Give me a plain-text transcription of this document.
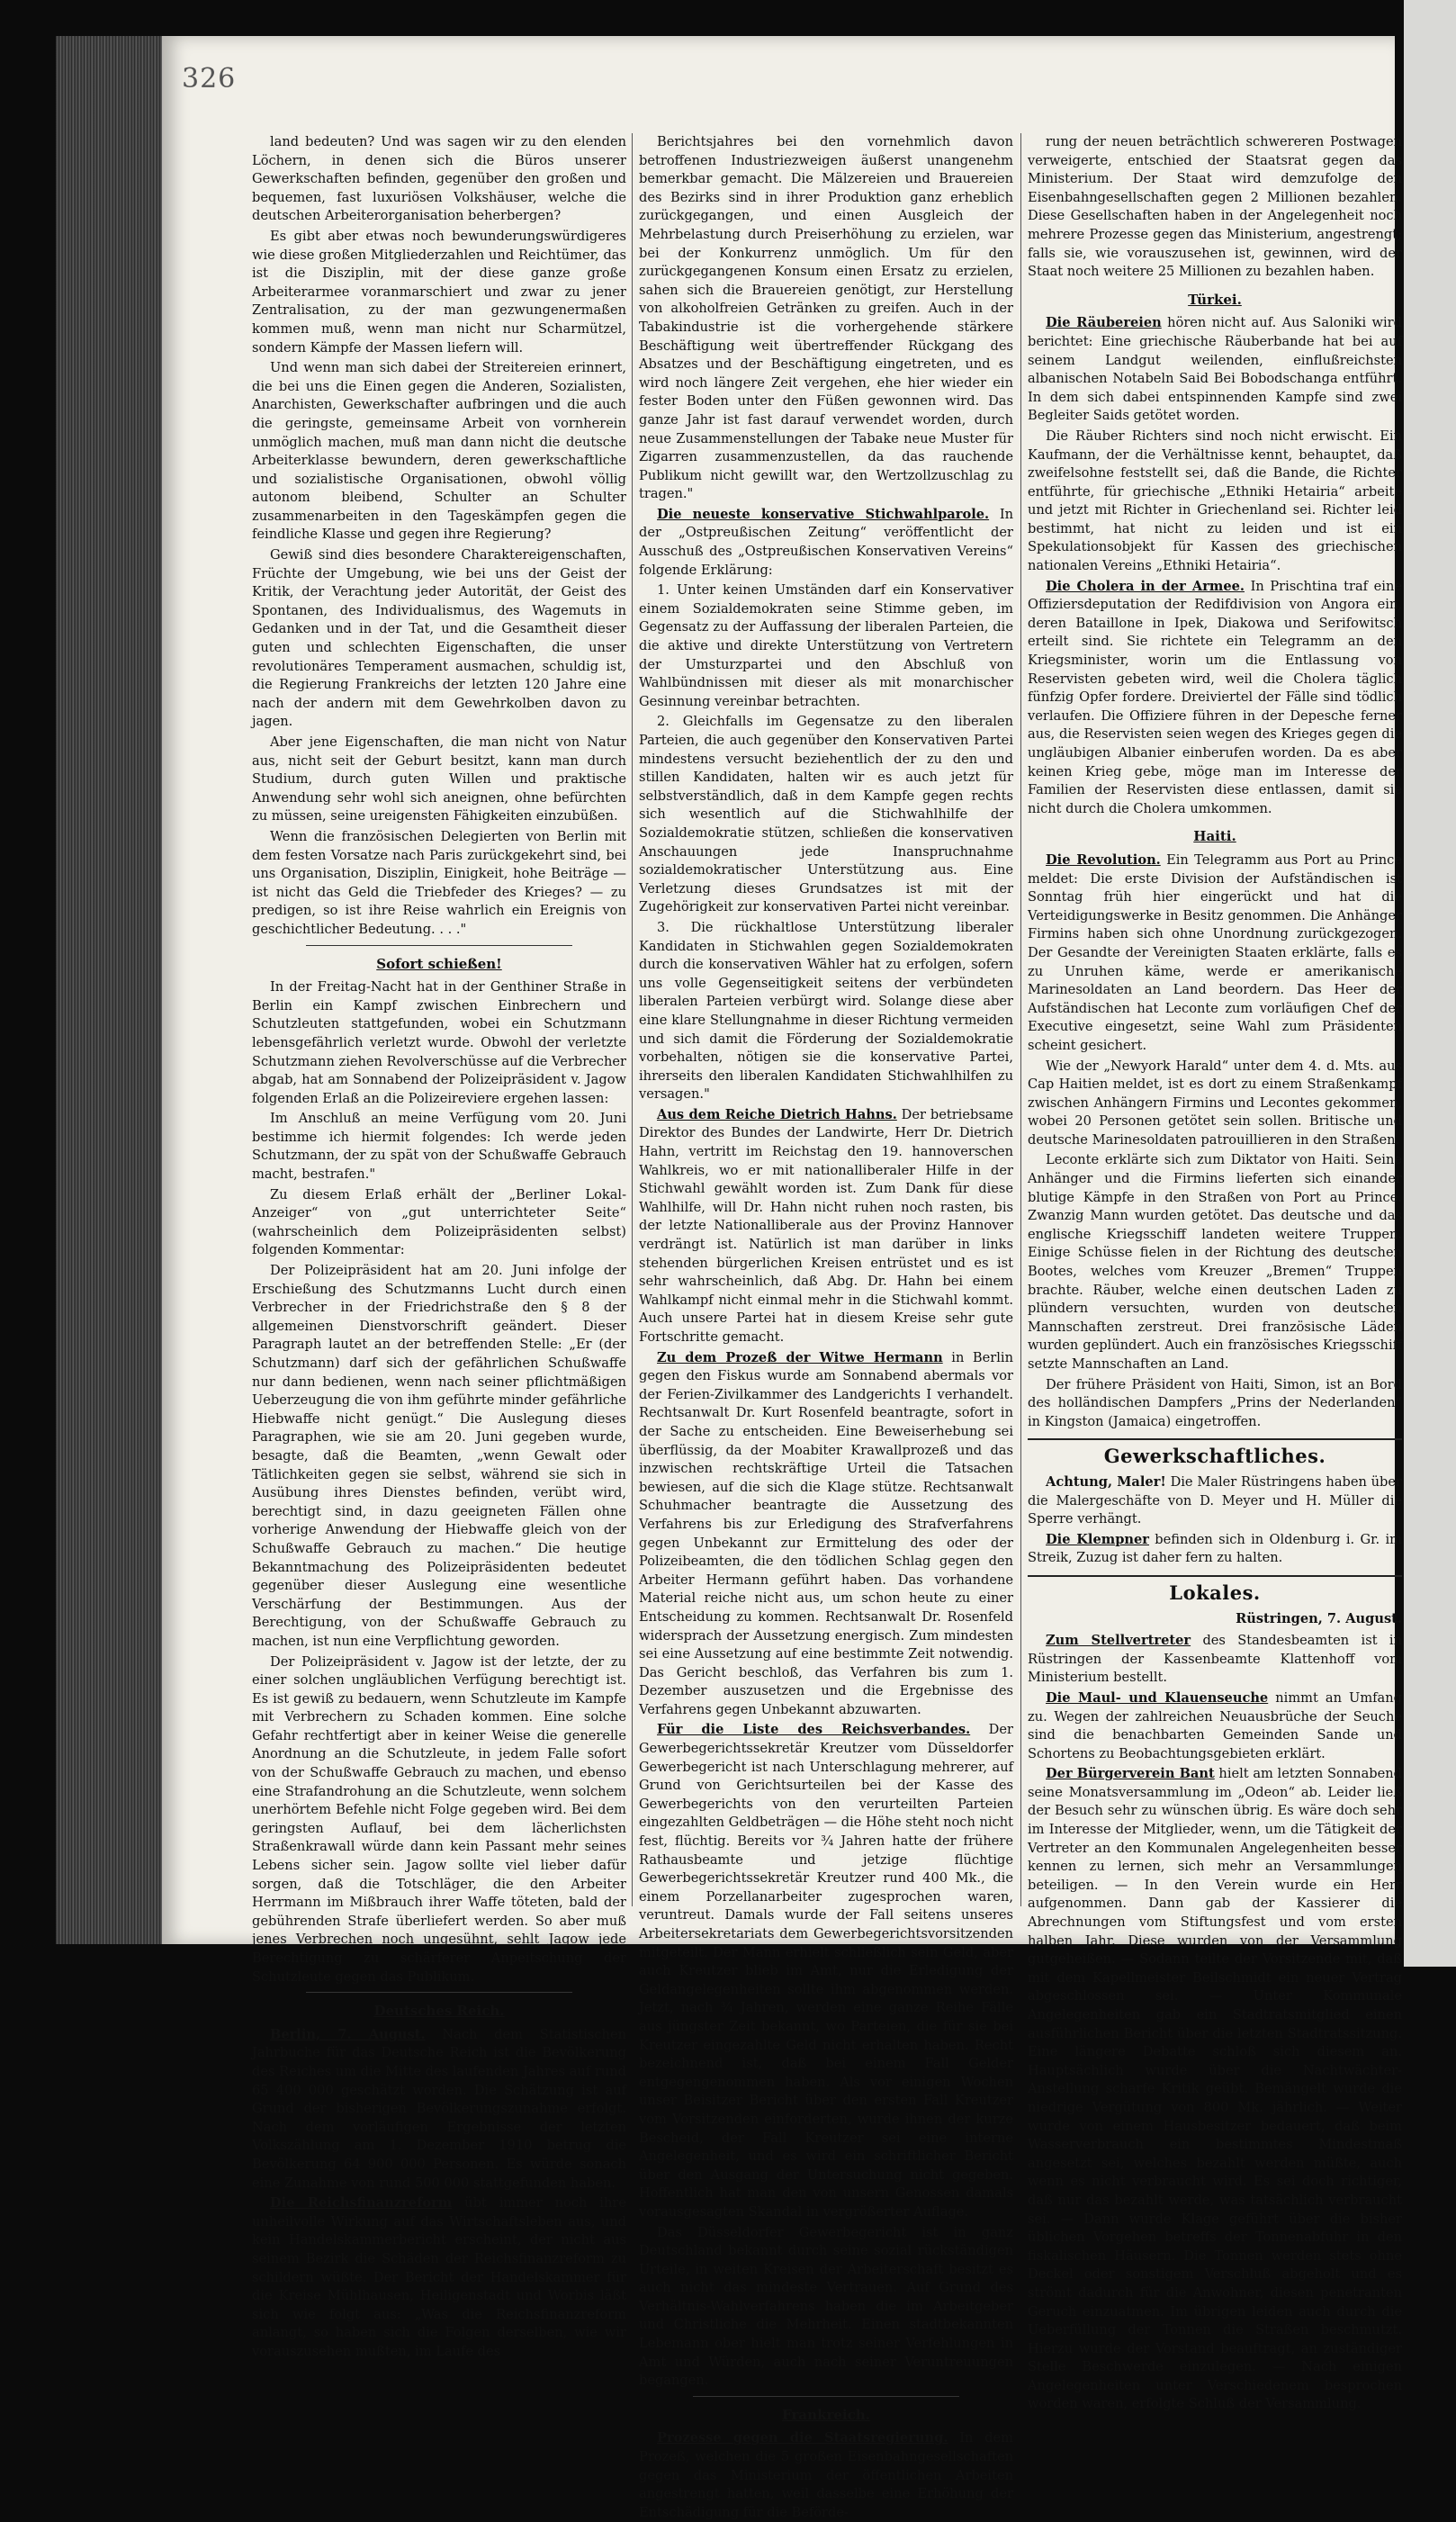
326

land bedeuten? Und was sagen wir zu den elenden Löchern, in denen sich die Büros unserer Gewerkschaften befinden, gegenüber den großen und bequemen, fast luxuriösen Volkshäuser, welche die deutschen Arbeiterorganisation beherbergen?

Es gibt aber etwas noch bewunderungswürdigeres wie diese großen Mitgliederzahlen und Reichtümer, das ist die Disziplin, mit der diese ganze große Arbeiterarmee voranmarschiert und zwar zu jener Zentralisation, zu der man gezwungenermaßen kommen muß, wenn man nicht nur Scharmützel, sondern Kämpfe der Massen liefern will.

Und wenn man sich dabei der Streitereien erinnert, die bei uns die Einen gegen die Anderen, Sozialisten, Anarchisten, Gewerkschafter aufbringen und die auch die geringste, gemeinsame Arbeit von vornherein unmöglich machen, muß man dann nicht die deutsche Arbeiterklasse bewundern, deren gewerkschaftliche und sozialistische Organisationen, obwohl völlig autonom bleibend, Schulter an Schulter zusammenarbeiten in den Tageskämpfen gegen die feindliche Klasse und gegen ihre Regierung?

Gewiß sind dies besondere Charaktereigenschaften, Früchte der Umgebung, wie bei uns der Geist der Kritik, der Verachtung jeder Autorität, der Geist des Spontanen, des Individualismus, des Wagemuts in Gedanken und in der Tat, und die Gesamtheit dieser guten und schlechten Eigenschaften, die unser revolutionäres Temperament ausmachen, schuldig ist, die Regierung Frankreichs der letzten 120 Jahre eine nach der andern mit dem Gewehrkolben davon zu jagen.

Aber jene Eigenschaften, die man nicht von Natur aus, nicht seit der Geburt besitzt, kann man durch Studium, durch guten Willen und praktische Anwendung sehr wohl sich aneignen, ohne befürchten zu müssen, seine ureigensten Fähigkeiten einzubüßen.

Wenn die französischen Delegierten von Berlin mit dem festen Vorsatze nach Paris zurückgekehrt sind, bei uns Organisation, Disziplin, Einigkeit, hohe Beiträge — ist nicht das Geld die Triebfeder des Krieges? — zu predigen, so ist ihre Reise wahrlich ein Ereignis von geschichtlicher Bedeutung. . . ."

Sofort schießen!

In der Freitag-Nacht hat in der Genthiner Straße in Berlin ein Kampf zwischen Einbrechern und Schutzleuten stattgefunden, wobei ein Schutzmann lebensgefährlich verletzt wurde. Obwohl der verletzte Schutzmann ziehen Revolverschüsse auf die Verbrecher abgab, hat am Sonnabend der Polizeipräsident v. Jagow folgenden Erlaß an die Polizeireviere ergehen lassen:

Im Anschluß an meine Verfügung vom 20. Juni bestimme ich hiermit folgendes: Ich werde jeden Schutzmann, der zu spät von der Schußwaffe Gebrauch macht, bestrafen."

Zu diesem Erlaß erhält der „Berliner Lokal-Anzeiger“ von „gut unterrichteter Seite“ (wahrscheinlich dem Polizeipräsidenten selbst) folgenden Kommentar:

Der Polizeipräsident hat am 20. Juni infolge der Erschießung des Schutzmanns Lucht durch einen Verbrecher in der Friedrichstraße den § 8 der allgemeinen Dienstvorschrift geändert. Dieser Paragraph lautet an der betreffenden Stelle: „Er (der Schutzmann) darf sich der gefährlichen Schußwaffe nur dann bedienen, wenn nach seiner pflichtmäßigen Ueberzeugung die von ihm geführte minder gefährliche Hiebwaffe nicht genügt.“ Die Auslegung dieses Paragraphen, wie sie am 20. Juni gegeben wurde, besagte, daß die Beamten, „wenn Gewalt oder Tätlichkeiten gegen sie selbst, während sie sich in Ausübung ihres Dienstes befinden, verübt wird, berechtigt sind, in dazu geeigneten Fällen ohne vorherige Anwendung der Hiebwaffe gleich von der Schußwaffe Gebrauch zu machen.“ Die heutige Bekanntmachung des Polizeipräsidenten bedeutet gegenüber dieser Auslegung eine wesentliche Verschärfung der Bestimmungen. Aus der Berechtigung, von der Schußwaffe Gebrauch zu machen, ist nun eine Verpflichtung geworden.

Der Polizeipräsident v. Jagow ist der letzte, der zu einer solchen ungläublichen Verfügung berechtigt ist. Es ist gewiß zu bedauern, wenn Schutzleute im Kampfe mit Verbrechern zu Schaden kommen. Eine solche Gefahr rechtfertigt aber in keiner Weise die generelle Anordnung an die Schutzleute, in jedem Falle sofort von der Schußwaffe Gebrauch zu machen, und ebenso eine Strafandrohung an die Schutzleute, wenn solchem unerhörtem Befehle nicht Folge gegeben wird. Bei dem geringsten Auflauf, bei dem lächerlichsten Straßenkrawall würde dann kein Passant mehr seines Lebens sicher sein. Jagow sollte viel lieber dafür sorgen, daß die Totschläger, die den Arbeiter Herrmann im Mißbrauch ihrer Waffe töteten, bald der gebührenden Strafe überliefert werden. So aber muß jenes Verbrechen noch ungesühnt, sehlt Jagow jede Berechtigung zu schärferer Anpeitschung der Schutzleute gegen das Publikum.

Deutsches Reich.

Berlin, 7. August. Nach dem Statistischen Jahrbuche für das Deutsche Reich ist die Bevölkerung des Reiches um die Mitte des laufenden Jahres auf rund 65 400 000 geschätzt worden. Die Schätzung ist auf Grund der bisherigen Bevölkerungszunahme erfolgt. Nach dem vorläufigen Ergebnisse der letzten Volkszählung am 1. Dezember 1910 betrug die Bevölkerung 64 900 000 Personen. Es würde sonach eine Zunahme von rund 500 000 stattgefunden haben.

Die Reichsfinanzreform übt immer noch ihre unheilvolle Wirkung auf das Wirtschaftsleben aus, und kein Handelskammerbericht erscheint, der nicht aus seinem Bezirk die Schäden der Reichsfinanzreform zu schildern wüßte. Der Bericht der Handelskammer für die Kreise Mühlhausen, Heiligenstadt und Worbis läßt sich wie folgt aus: „Was die Reichsfinanzreform anlangt, so haben sich die Folgen derselben, wie wir vorauszusehen mußten, im Laufe des

Berichtsjahres bei den vornehmlich davon betroffenen Industriezweigen äußerst unangenehm bemerkbar gemacht. Die Mälzereien und Brauereien des Bezirks sind in ihrer Produktion ganz erheblich zurückgegangen, und einen Ausgleich der Mehrbelastung durch Preiserhöhung zu erzielen, war bei der Konkurrenz unmöglich. Um für den zurückgegangenen Konsum einen Ersatz zu erzielen, sahen sich die Brauereien genötigt, zur Herstellung von alkoholfreien Getränken zu greifen. Auch in der Tabakindustrie ist die vorhergehende stärkere Beschäftigung weit übertreffender Rückgang des Absatzes und der Beschäftigung eingetreten, und es wird noch längere Zeit vergehen, ehe hier wieder ein fester Boden unter den Füßen gewonnen wird. Das ganze Jahr ist fast darauf verwendet worden, durch neue Zusammenstellungen der Tabake neue Muster für Zigarren zusammenzustellen, da das rauchende Publikum nicht gewillt war, den Wertzollzuschlag zu tragen."

Die neueste konservative Stichwahlparole. In der „Ostpreußischen Zeitung“ veröffentlicht der Ausschuß des „Ostpreußischen Konservativen Vereins“ folgende Erklärung:

1. Unter keinen Umständen darf ein Konservativer einem Sozialdemokraten seine Stimme geben, im Gegensatz zu der Auffassung der liberalen Parteien, die die aktive und direkte Unterstützung von Vertretern der Umsturzpartei und den Abschluß von Wahlbündnissen mit dieser als mit monarchischer Gesinnung vereinbar betrachten.

2. Gleichfalls im Gegensatze zu den liberalen Parteien, die auch gegenüber den Konservativen Partei mindestens versucht beziehentlich der zu den und stillen Kandidaten, halten wir es auch jetzt für selbstverständlich, daß in dem Kampfe gegen rechts sich wesentlich auf die Stichwahlhilfe der Sozialdemokratie stützen, schließen die konservativen Anschauungen jede Inanspruchnahme sozialdemokratischer Unterstützung aus. Eine Verletzung dieses Grundsatzes ist mit der Zugehörigkeit zur konservativen Partei nicht vereinbar.

3. Die rückhaltlose Unterstützung liberaler Kandidaten in Stichwahlen gegen Sozialdemokraten durch die konservativen Wähler hat zu erfolgen, sofern uns volle Gegenseitigkeit seitens der verbündeten liberalen Parteien verbürgt wird. Solange diese aber eine klare Stellungnahme in dieser Richtung vermeiden und sich damit die Förderung der Sozialdemokratie vorbehalten, nötigen sie die konservative Partei, ihrerseits den liberalen Kandidaten Stichwahlhilfen zu versagen."

Aus dem Reiche Dietrich Hahns. Der betriebsame Direktor des Bundes der Landwirte, Herr Dr. Dietrich Hahn, vertritt im Reichstag den 19. hannoverschen Wahlkreis, wo er mit nationalliberaler Hilfe in der Stichwahl gewählt worden ist. Zum Dank für diese Wahlhilfe, will Dr. Hahn nicht ruhen noch rasten, bis der letzte Nationalliberale aus der Provinz Hannover verdrängt ist. Natürlich ist man darüber in links stehenden bürgerlichen Kreisen entrüstet und es ist sehr wahrscheinlich, daß Abg. Dr. Hahn bei einem Wahlkampf nicht einmal mehr in die Stichwahl kommt. Auch unsere Partei hat in diesem Kreise sehr gute Fortschritte gemacht.

Zu dem Prozeß der Witwe Hermann in Berlin gegen den Fiskus wurde am Sonnabend abermals vor der Ferien-Zivilkammer des Landgerichts I verhandelt. Rechtsanwalt Dr. Kurt Rosenfeld beantragte, sofort in der Sache zu entscheiden. Eine Beweiserhebung sei überflüssig, da der Moabiter Krawallprozeß und das inzwischen rechtskräftige Urteil die Tatsachen bewiesen, auf die sich die Klage stütze. Rechtsanwalt Schuhmacher beantragte die Aussetzung des Verfahrens bis zur Erledigung des Strafverfahrens gegen Unbekannt zur Ermittelung des oder der Polizeibeamten, die den tödlichen Schlag gegen den Arbeiter Hermann geführt haben. Das vorhandene Material reiche nicht aus, um schon heute zu einer Entscheidung zu kommen. Rechtsanwalt Dr. Rosenfeld widersprach der Aussetzung energisch. Zum mindesten sei eine Aussetzung auf eine bestimmte Zeit notwendig. Das Gericht beschloß, das Verfahren bis zum 1. Dezember auszusetzen und die Ergebnisse des Verfahrens gegen Unbekannt abzuwarten.

Für die Liste des Reichsverbandes. Der Gewerbegerichtssekretär Kreutzer vom Düsseldorfer Gewerbegericht ist nach Unterschlagung mehrerer, auf Grund von Gerichtsurteilen bei der Kasse des Gewerbegerichts von den verurteilten Parteien eingezahlten Geldbeträgen — die Höhe steht noch nicht fest, flüchtig. Bereits vor ¾ Jahren hatte der frühere Rathausbeamte und jetzige flüchtige Gewerbegerichtssekretär Kreutzer rund 400 Mk., die einem Porzellanarbeiter zugesprochen waren, veruntreut. Damals wurde der Fall seitens unseres Arbeitersekretariats dem Gewerbegerichtsvorsitzenden mitgeteilt. Der Mann erhielt schließlich sein Geld, aber auch Kreutzer blieb im Amt, nur die Erledigung der Geldangelegenheiten sollte ihm abgenommen werden. Jetzt, nach ¾ Jahren, werden eine ganze Reihe Fälle aus jüngster Zeit bekannt, wo Parteien, die für sie bei Kreutzer eingezahlte Geld nicht erhalten haben. Recht bezeichnend ist, daß bei einem Fall Gelder entgegengenommen haben. Als vor einigen Wochen unser Beisitzer Bericht über den ersten Fall Kreutzer vom Vorsitzenden einforderten, wurde ihnen der kurze Bescheid, der Fall Kreutzer sei eine interne Angelegenheit, und es wird ein schriftlicher Bericht über den Ausgang der Untersuchung nicht gegeben. Hoffentlich hat man den von unsern Genossen damals vorausgesagten Skandal in vergrößerter Auflage.

Das Düsseldorfer Gewerbegericht ist in ganz Deutschland bekannt durch seine sozial rückständigen Urteile, in weiten Kreisen der Arbeiterschaft besitzt es auch nicht das mindeste Vertrauen. Auf Grund des Verhältnis-Wahlverfahrens haben die im Arbeitgeber und Christliche die Mehrheit. Einen stadtbekannten Lebemann ober hielt man trotz seiner Verfehlungen in Amt und Würden, auch nach seiner Veruntreuungen begangen.

Frankreich.

Prozesse gegen die Staatsregierung. In dem Prozeß, welchen die 5 großen Eisenbahngesellschaften gegen das Ministerium der öffentlichen Arbeiten angestrengt hatten, weil dasselbe eine Erhöhung der Entschädigung für die Beförde-

rung der neuen beträchtlich schwereren Postwagen verweigerte, entschied der Staatsrat gegen das Ministerium. Der Staat wird demzufolge den Eisenbahngesellschaften gegen 2 Millionen bezahlen. Diese Gesellschaften haben in der Angelegenheit noch mehrere Prozesse gegen das Ministerium, angestrengt; falls sie, wie vorauszusehen ist, gewinnen, wird der Staat noch weitere 25 Millionen zu bezahlen haben.

Türkei.

Die Räubereien hören nicht auf. Aus Saloniki wird berichtet: Eine griechische Räuberbande hat bei auf seinem Landgut weilenden, einflußreichsten albanischen Notabeln Said Bei Bobodschanga entführt. In dem sich dabei entspinnenden Kampfe sind zwei Begleiter Saids getötet worden.

Die Räuber Richters sind noch nicht erwischt. Ein Kaufmann, der die Verhältnisse kennt, behauptet, daß zweifelsohne feststellt sei, daß die Bande, die Richter entführte, für griechische „Ethniki Hetairia“ arbeite und jetzt mit Richter in Griechenland sei. Richter leid bestimmt, hat nicht zu leiden und ist ein Spekulationsobjekt für Kassen des griechischen nationalen Vereins „Ethniki Hetairia“.

Die Cholera in der Armee. In Prischtina traf eine Offiziersdeputation der Redifdivision von Angora ein, deren Bataillone in Ipek, Diakowa und Serifowitsch erteilt sind. Sie richtete ein Telegramm an den Kriegsminister, worin um die Entlassung von Reservisten gebeten wird, weil die Cholera täglich fünfzig Opfer fordere. Dreiviertel der Fälle sind tödlich verlaufen. Die Offiziere führen in der Depesche ferner aus, die Reservisten seien wegen des Krieges gegen die ungläubigen Albanier einberufen worden. Da es aber keinen Krieg gebe, möge man im Interesse der Familien der Reservisten diese entlassen, damit sie nicht durch die Cholera umkommen.

Haiti.

Die Revolution. Ein Telegramm aus Port au Prince meldet: Die erste Division der Aufständischen ist Sonntag früh hier eingerückt und hat die Verteidigungswerke in Besitz genommen. Die Anhänger Firmins haben sich ohne Unordnung zurückgezogen. Der Gesandte der Vereinigten Staaten erklärte, falls es zu Unruhen käme, werde er amerikanische Marinesoldaten an Land beordern. Das Heer der Aufständischen hat Leconte zum vorläufigen Chef der Executive eingesetzt, seine Wahl zum Präsidenten scheint gesichert.

Wie der „Newyork Harald“ unter dem 4. d. Mts. aus Cap Haitien meldet, ist es dort zu einem Straßenkampf zwischen Anhängern Firmins und Lecontes gekommen, wobei 20 Personen getötet sein sollen. Britische und deutsche Marinesoldaten patrouillieren in den Straßen.

Leconte erklärte sich zum Diktator von Haiti. Seine Anhänger und die Firmins lieferten sich einander blutige Kämpfe in den Straßen von Port au Prince. Zwanzig Mann wurden getötet. Das deutsche und das englische Kriegsschiff landeten weitere Truppen. Einige Schüsse fielen in der Richtung des deutschen Bootes, welches vom Kreuzer „Bremen“ Truppen brachte. Räuber, welche einen deutschen Laden zu plündern versuchten, wurden von deutschen Mannschaften zerstreut. Drei französische Läden wurden geplündert. Auch ein französisches Kriegsschiff setzte Mannschaften an Land.

Der frühere Präsident von Haiti, Simon, ist an Bord des holländischen Dampfers „Prins der Nederlanden“ in Kingston (Jamaica) eingetroffen.

Gewerkschaftliches.

Achtung, Maler! Die Maler Rüstringens haben über die Malergeschäfte von D. Meyer und H. Müller die Sperre verhängt.

Die Klempner befinden sich in Oldenburg i. Gr. im Streik, Zuzug ist daher fern zu halten.

Lokales.
Rüstringen, 7. August.

Zum Stellvertreter des Standesbeamten ist in Rüstringen der Kassenbeamte Klattenhoff vom Ministerium bestellt.

Die Maul- und Klauenseuche nimmt an Umfang zu. Wegen der zahlreichen Neuausbrüche der Seuche sind die benachbarten Gemeinden Sande und Schortens zu Beobachtungsgebieten erklärt.

Der Bürgerverein Bant hielt am letzten Sonnabend seine Monatsversammlung im „Odeon“ ab. Leider ließ der Besuch sehr zu wünschen übrig. Es wäre doch sehr im Interesse der Mitglieder, wenn, um die Tätigkeit der Vertreter an den Kommunalen Angelegenheiten besser kennen zu lernen, sich mehr an Versammlungen beteiligen. — In den Verein wurde ein Herr aufgenommen. Dann gab der Kassierer die Abrechnungen vom Stiftungsfest und vom ersten halben Jahr. Diese wurden von der Versammlung gutgeheißen. — Sodann teilte der Vorsitzende mit, daß mit dem Kapellmeister Beilschmidt ein neuer Vertrag abgeschlossen sei. — Unter Kommunale Angelegenheiten gab ein Stadtratsmitglied einen ausführlichen Bericht über die letzten Stadtratssitzung. Eine längere Debatte schloß sich diesem an. Hauptsächlich wurde über die Nachtwächter-Anstellung scharfe Kritik geübt. Bemängelt wurde die niedrige Vergütung von 800 Mk. jährlich. — Weiter wurde von einem Hausbesitzer bedauert, daß beim Wasserverbrauch ein bestimmtes Mindestmaß angesetzt sei, welches bezahlt werden müßte, auch wenn es nicht verbraucht wird. Es sei doch richtiger, daß nur das bezahlt werde, was tatsächlich verbraucht sei. — Dann wurde Klage geführt über die bisher üblichen Vorgehen betreffs der Tonnenabfuhr in den fiskalischen Häusern. Die Tonnen werden stets ohne Deckel oder sonstigem Verschluß abgeholt und es strömt dadurch für die Anwohner, diesen penetranten Geruch einzuatmen. Im übrigen leiden auch durch die Ueberfüllung der Tonnen die Straßen beschmutzt. Hierzu wurde der Vorstand beauftragt, an zuständiger Stelle Beschwerde einzulegen. — Nach einigen Angelegenheiten unter Verschiedenem besprochen worden waren, erfolgte Schluß der Versammlung.
